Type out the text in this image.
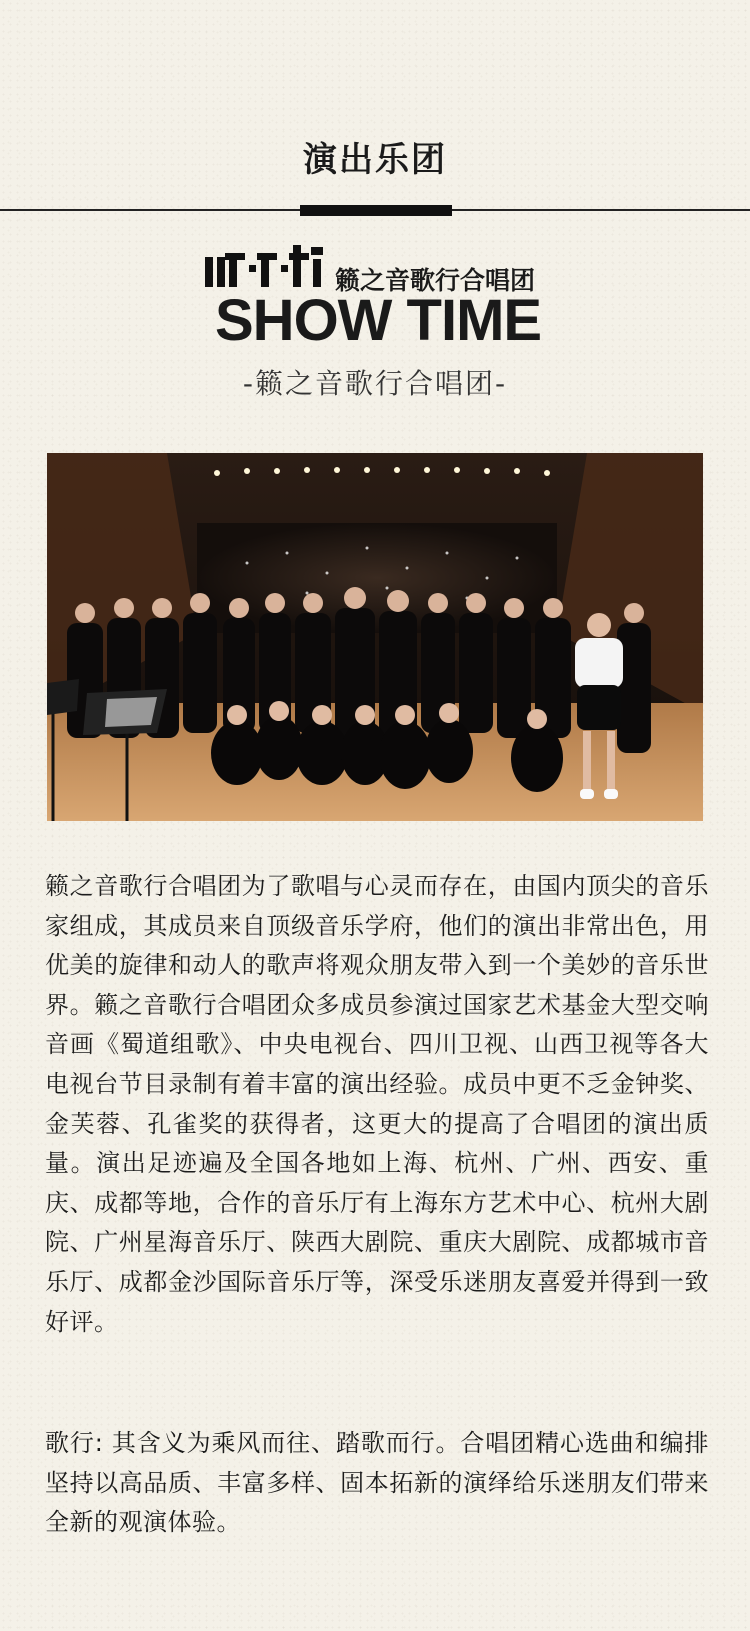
演出乐团
籁之音歌行合唱团
SHOW TIME
-籁之音歌行合唱团-

籁之音歌行合唱团为了歌唱与心灵而存在，由国内顶尖的音乐家组成，其成员来自顶级音乐学府，他们的演出非常出色，用优美的旋律和动人的歌声将观众朋友带入到一个美妙的音乐世界。籁之音歌行合唱团众多成员参演过国家艺术基金大型交响音画《蜀道组歌》、中央电视台、四川卫视、山西卫视等各大电视台节目录制有着丰富的演出经验。成员中更不乏金钟奖、金芙蓉、孔雀奖的获得者，这更大的提高了合唱团的演出质量。演出足迹遍及全国各地如上海、杭州、广州、西安、重庆、成都等地，合作的音乐厅有上海东方艺术中心、杭州大剧院、广州星海音乐厅、陕西大剧院、重庆大剧院、成都城市音乐厅、成都金沙国际音乐厅等，深受乐迷朋友喜爱并得到一致好评。

歌行: 其含义为乘风而往、踏歌而行。合唱团精心选曲和编排坚持以高品质、丰富多样、固本拓新的演绎给乐迷朋友们带来全新的观演体验。
